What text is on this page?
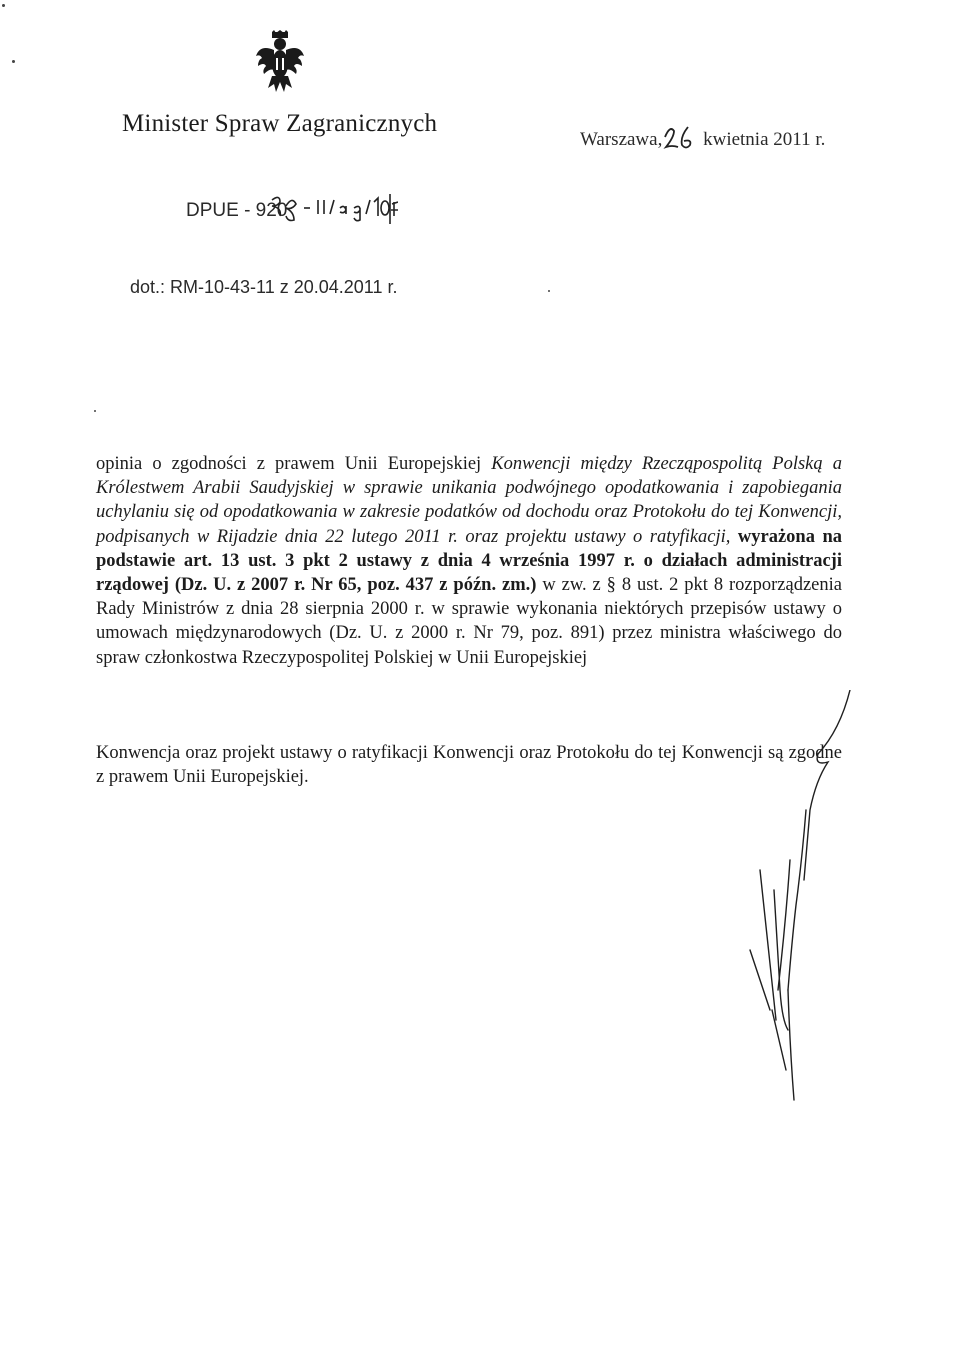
Minister Spraw Zagranicznych
Warszawa, kwietnia 2011 r.
DPUE - 920
dot.: RM-10-43-11 z 20.04.2011 r.
opinia o zgodności z prawem Unii Europejskiej Konwencji między Rzecząpospolitą Polską a Królestwem Arabii Saudyjskiej w sprawie unikania podwójnego opodatkowania i zapobiegania uchylaniu się od opodatkowania w zakresie podatków od dochodu oraz Protokołu do tej Konwencji, podpisanych w Rijadzie dnia 22 lutego 2011 r. oraz projektu ustawy o ratyfikacji, wyrażona na podstawie art. 13 ust. 3 pkt 2 ustawy z dnia 4 września 1997 r. o działach administracji rządowej (Dz. U. z 2007 r. Nr 65, poz. 437 z późn. zm.) w zw. z § 8 ust. 2 pkt 8 rozporządzenia Rady Ministrów z dnia 28 sierpnia 2000 r. w sprawie wykonania niektórych przepisów ustawy o umowach międzynarodowych (Dz. U. z 2000 r. Nr 79, poz. 891) przez ministra właściwego do spraw członkostwa Rzeczypospolitej Polskiej w Unii Europejskiej
Konwencja oraz projekt ustawy o ratyfikacji Konwencji oraz Protokołu do tej Konwencji są zgodne z prawem Unii Europejskiej.
